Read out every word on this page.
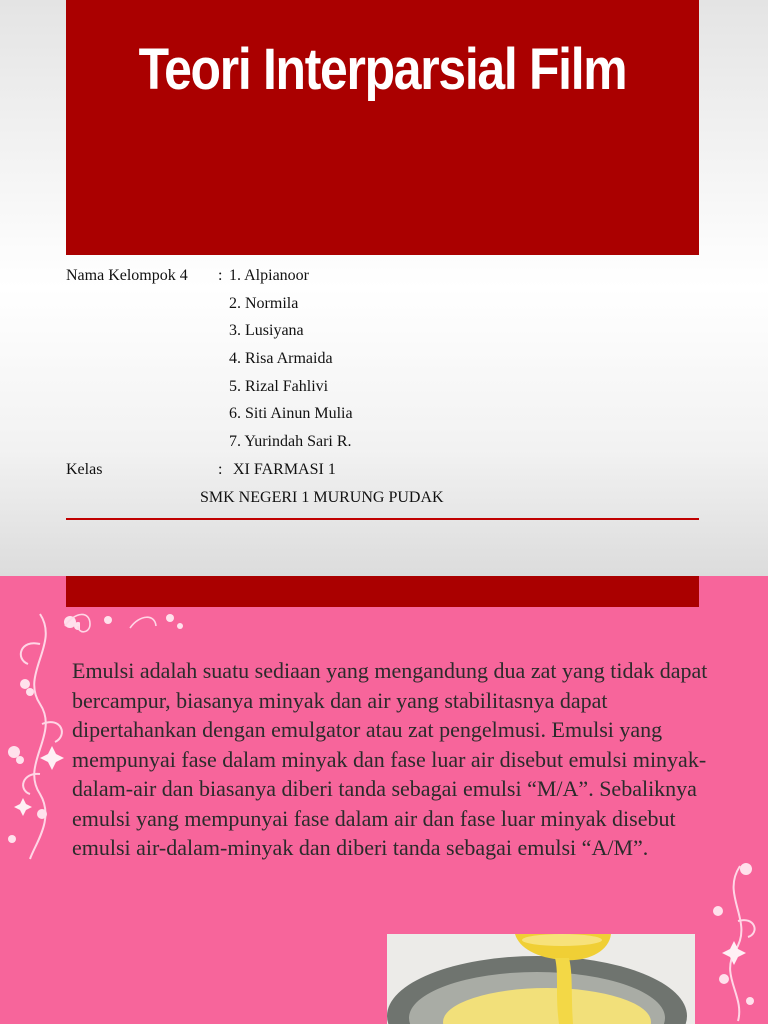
Teori Interparsial Film
Nama Kelompok 4 : 1. Alpianoor
2. Normila
3. Lusiyana
4. Risa Armaida
5. Rizal Fahlivi
6. Siti Ainun Mulia
7. Yurindah Sari R.
Kelas	: XI FARMASI 1
SMK NEGERI 1 MURUNG PUDAK

Emulsi adalah suatu sediaan yang mengandung dua zat yang tidak dapat bercampur, biasanya minyak dan air yang stabilitasnya dapat dipertahankan dengan emulgator atau zat pengelmusi. Emulsi yang mempunyai fase dalam minyak dan fase luar air disebut emulsi minyak-dalam-air dan biasanya diberi tanda sebagai emulsi “M/A”. Sebaliknya emulsi yang mempunyai fase dalam air dan fase luar minyak disebut emulsi air-dalam-minyak dan diberi tanda sebagai emulsi “A/M”.
